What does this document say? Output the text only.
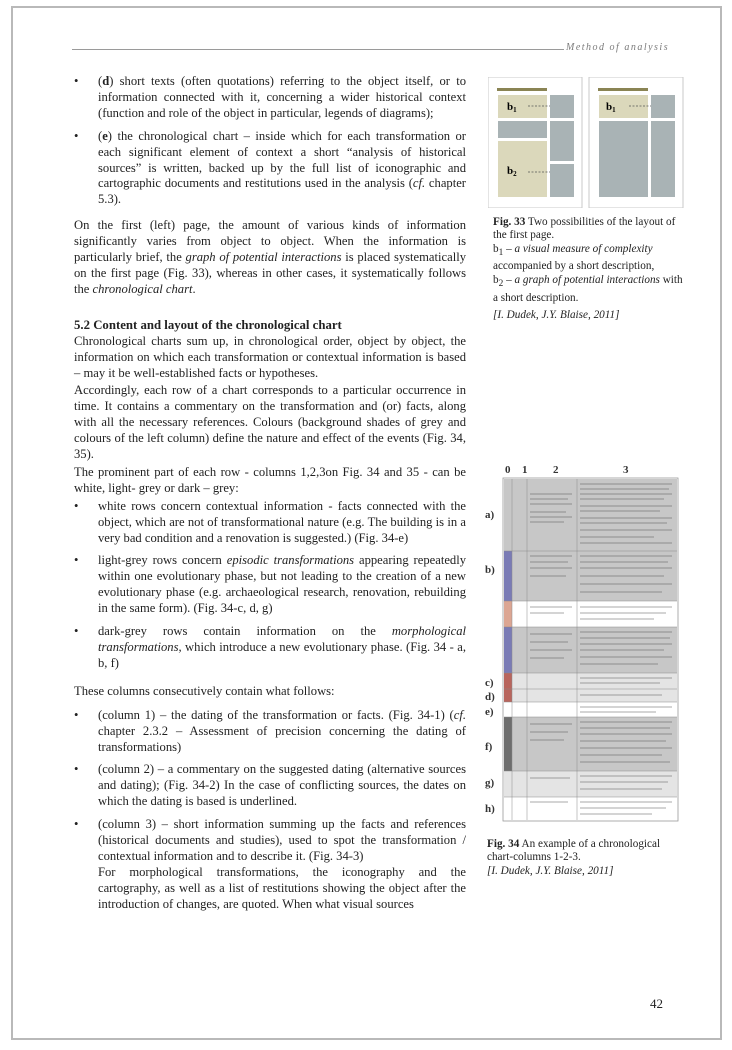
Method of analysis
• (d) short texts (often quotations) referring to the object itself, or to information connected with it, concerning a wider historical context (function and role of the object in particular, legends of diagrams);
• (e) the chronological chart – inside which for each transformation or each significant element of context a short “analysis of historical sources” is written, backed up by the full list of iconographic and cartographic documents and restitutions used in the analysis (cf. chapter 5.3).

On the first (left) page, the amount of various kinds of information significantly varies from object to object. When the information is particularly brief, the graph of potential interactions is placed systematically on the first page (Fig. 33), whereas in other cases, it systematically follows the chronological chart.

5.2 Content and layout of the chronological chart

Chronological charts sum up, in chronological order, object by object, the information on which each transformation or contextual information is based – may it be well-established facts or hypotheses.

Accordingly, each row of a chart corresponds to a particular occurrence in time. It contains a commentary on the transformation and (or) facts, along with all the necessary references. Colours (background shades of grey and colours of the left column) define the nature and effect of the events (Fig. 34, 35).

The prominent part of each row - columns 1,2,3on Fig. 34 and 35 - can be white, light- grey or dark – grey:

• white rows concern contextual information - facts connected with the object, which are not of transformational nature (e.g. The building is in a very bad condition and a renovation is suggested.) (Fig. 34-e)
• light-grey rows concern episodic transformations appearing repeatedly within one evolutionary phase, but not leading to the creation of a new evolutionary phase (e.g. archaeological research, renovation, rebuilding in the same form). (Fig. 34-c, d, g)
• dark-grey rows contain information on the morphological transformations, which introduce a new evolutionary phase. (Fig. 34 - a, b, f)

These columns consecutively contain what follows:

• (column 1) – the dating of the transformation or facts. (Fig. 34-1) (cf. chapter 2.3.2 – Assessment of precision concerning the dating of transformations)
• (column 2) – a commentary on the suggested dating (alternative sources and dating); (Fig. 34-2) In the case of conflicting sources, the dates on which the dating is based is underlined.
• (column 3) – short information summing up the facts and references (historical documents and studies), used to spot the transformation / contextual information and to describe it. (Fig. 34-3)

For morphological transformations, the iconography and the cartography, as well as a list of restitutions showing the object after the introduction of changes, are quoted. When what visual sources

b1
b2
b1
Fig. 33 Two possibilities of the layout of the first page.
$b_1$ – a visual measure of complexity accompanied by a short description,
$b_2$ – a graph of potential interactions with a short description.
[I. Dudek, J.Y. Blaise, 2011]
0 1 2	3
a)
b)
c)
d)
e)
f)
g)
h)
Fig. 34 An example of a chronological chart-columns 1-2-3.
[I. Dudek, J.Y. Blaise, 2011]
42
